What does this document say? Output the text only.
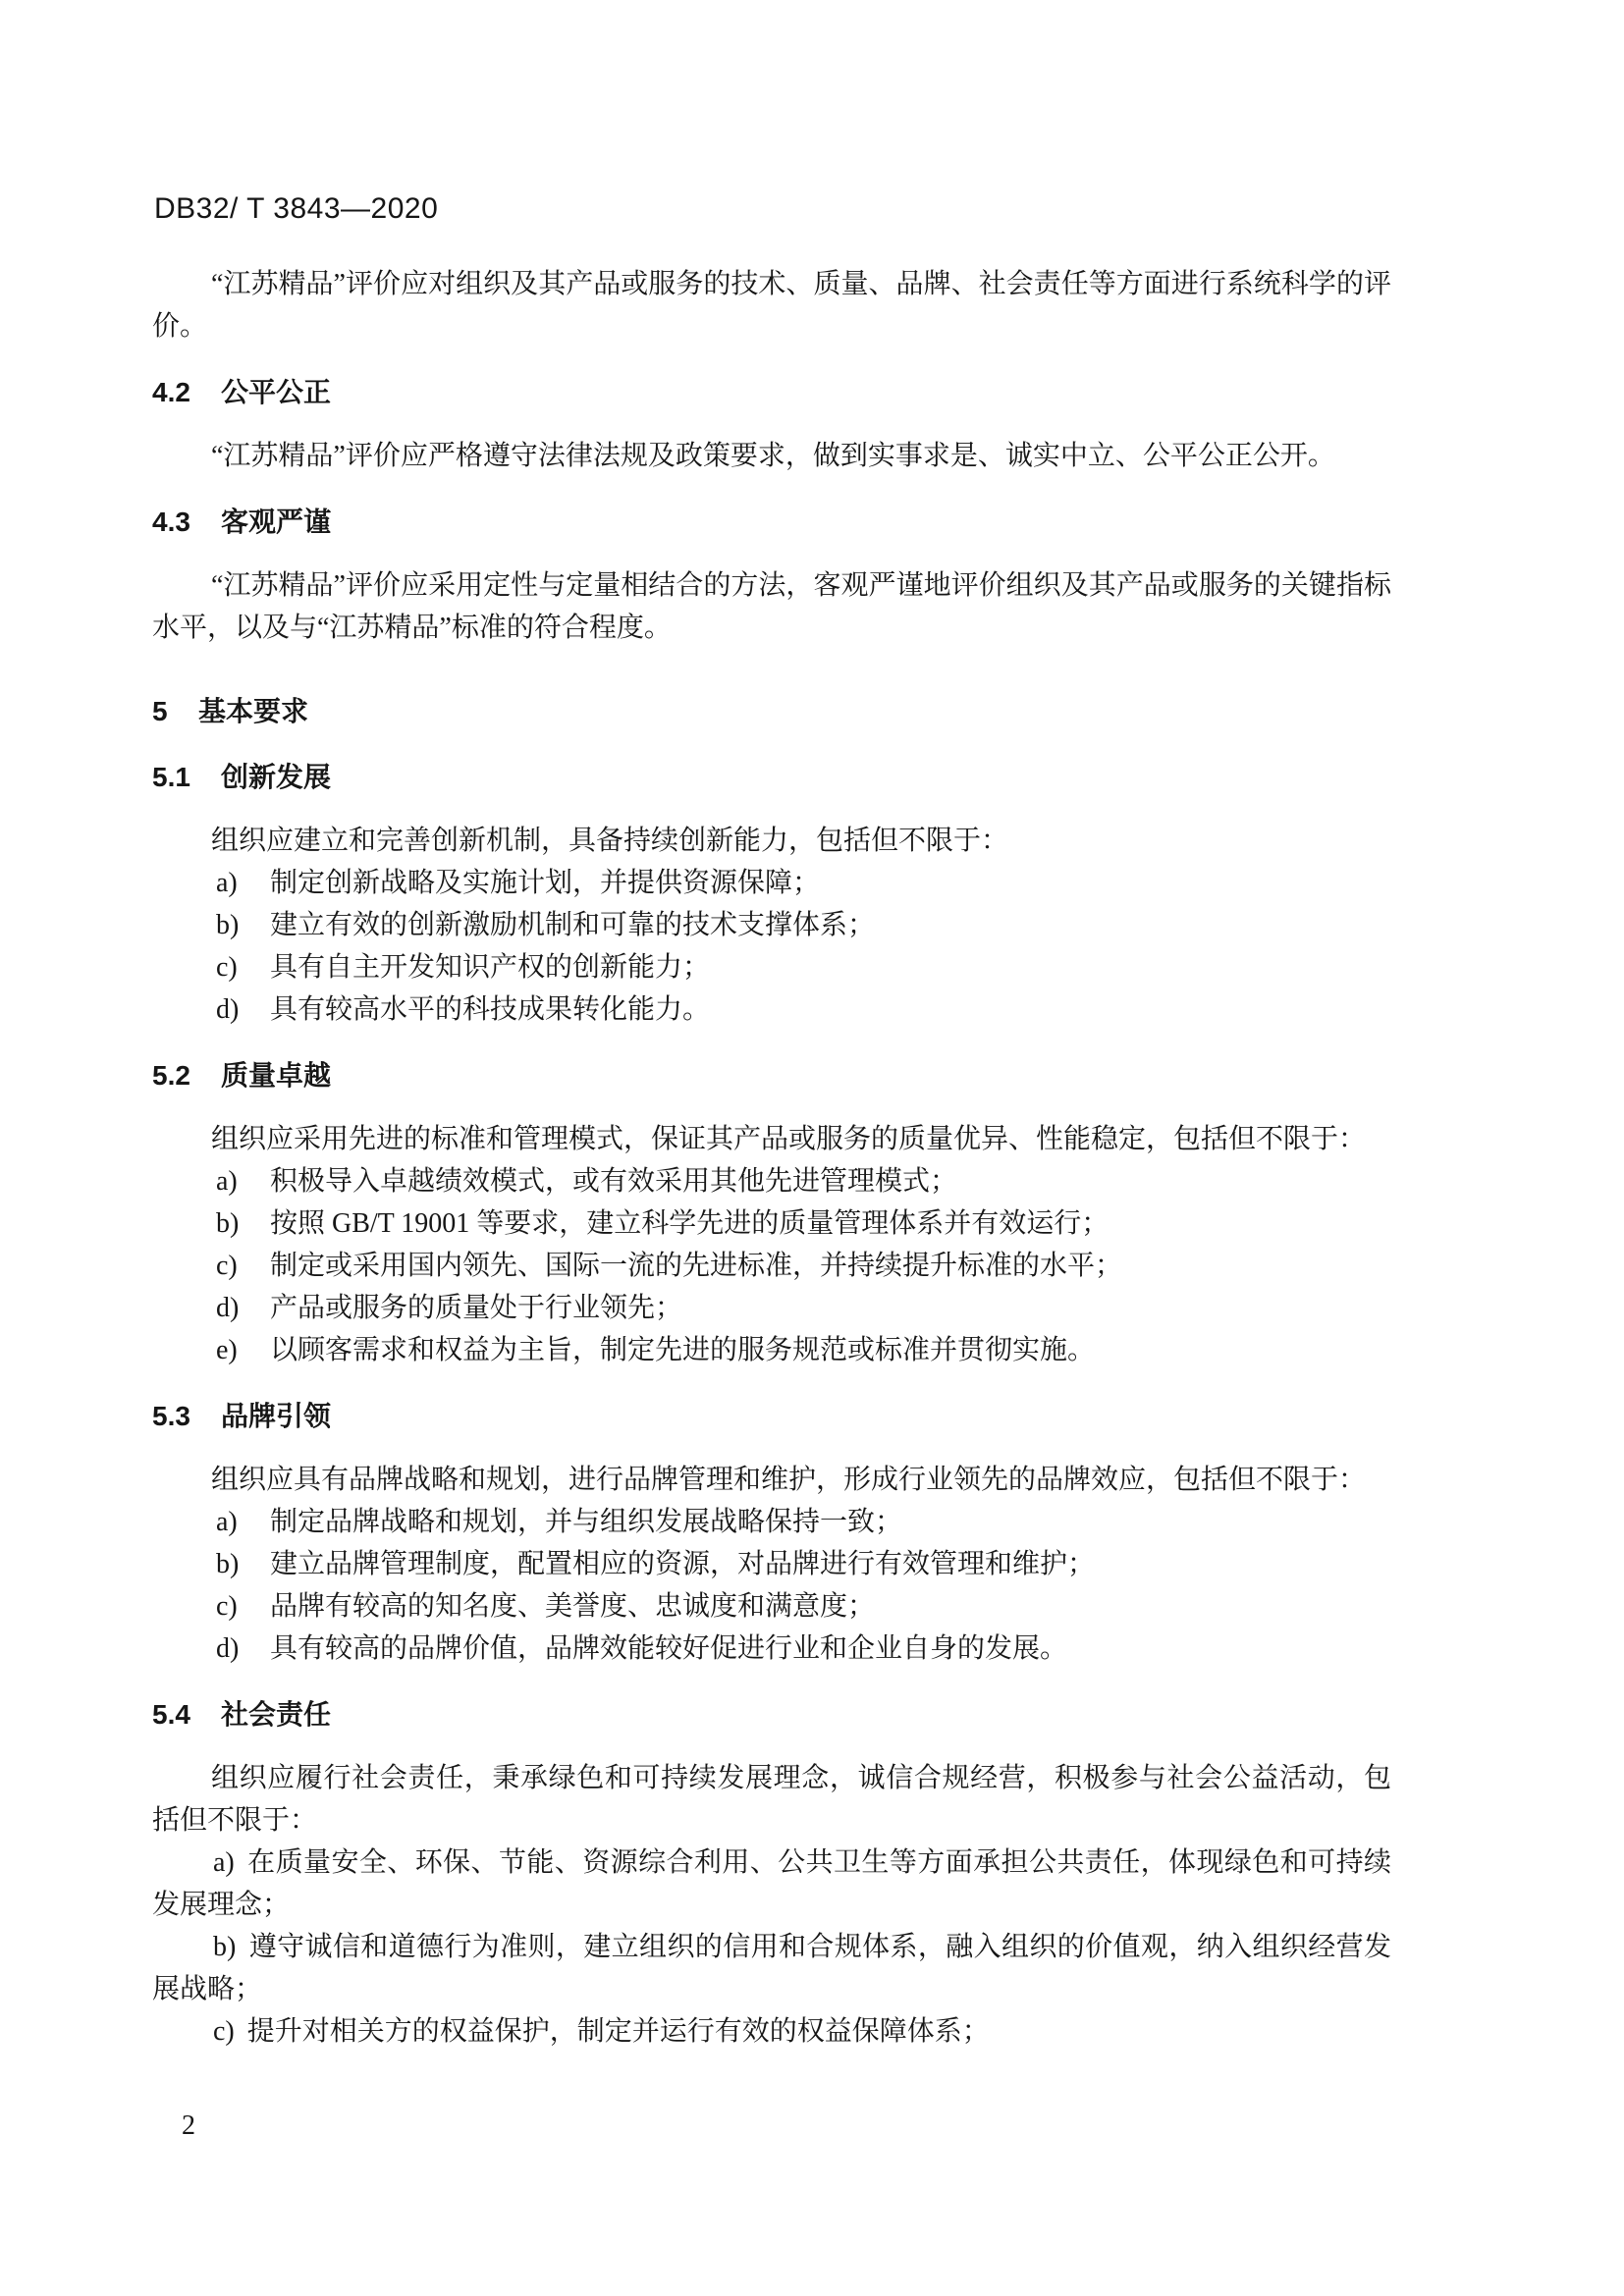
DB32/ T 3843—2020

“江苏精品”评价应对组织及其产品或服务的技术、质量、品牌、社会责任等方面进行系统科学的评价。

4.2 公平公正

“江苏精品”评价应严格遵守法律法规及政策要求，做到实事求是、诚实中立、公平公正公开。

4.3 客观严谨

“江苏精品”评价应采用定性与定量相结合的方法，客观严谨地评价组织及其产品或服务的关键指标水平，以及与“江苏精品”标准的符合程度。

5 基本要求
5.1 创新发展

组织应建立和完善创新机制，具备持续创新能力，包括但不限于：

a) 制定创新战略及实施计划，并提供资源保障；
b) 建立有效的创新激励机制和可靠的技术支撑体系；
c) 具有自主开发知识产权的创新能力；
d) 具有较高水平的科技成果转化能力。
5.2 质量卓越

组织应采用先进的标准和管理模式，保证其产品或服务的质量优异、性能稳定，包括但不限于：

a) 积极导入卓越绩效模式，或有效采用其他先进管理模式；
b) 按照 GB/T 19001 等要求，建立科学先进的质量管理体系并有效运行；
c) 制定或采用国内领先、国际一流的先进标准，并持续提升标准的水平；
d) 产品或服务的质量处于行业领先；
e) 以顾客需求和权益为主旨，制定先进的服务规范或标准并贯彻实施。
5.3 品牌引领

组织应具有品牌战略和规划，进行品牌管理和维护，形成行业领先的品牌效应，包括但不限于：

a) 制定品牌战略和规划，并与组织发展战略保持一致；
b) 建立品牌管理制度，配置相应的资源，对品牌进行有效管理和维护；
c) 品牌有较高的知名度、美誉度、忠诚度和满意度；
d) 具有较高的品牌价值，品牌效能较好促进行业和企业自身的发展。
5.4 社会责任

组织应履行社会责任，秉承绿色和可持续发展理念，诚信合规经营，积极参与社会公益活动，包括但不限于：

a) 在质量安全、环保、节能、资源综合利用、公共卫生等方面承担公共责任，体现绿色和可持续发展理念；
b) 遵守诚信和道德行为准则，建立组织的信用和合规体系，融入组织的价值观，纳入组织经营发展战略；
c) 提升对相关方的权益保护，制定并运行有效的权益保障体系；
2
